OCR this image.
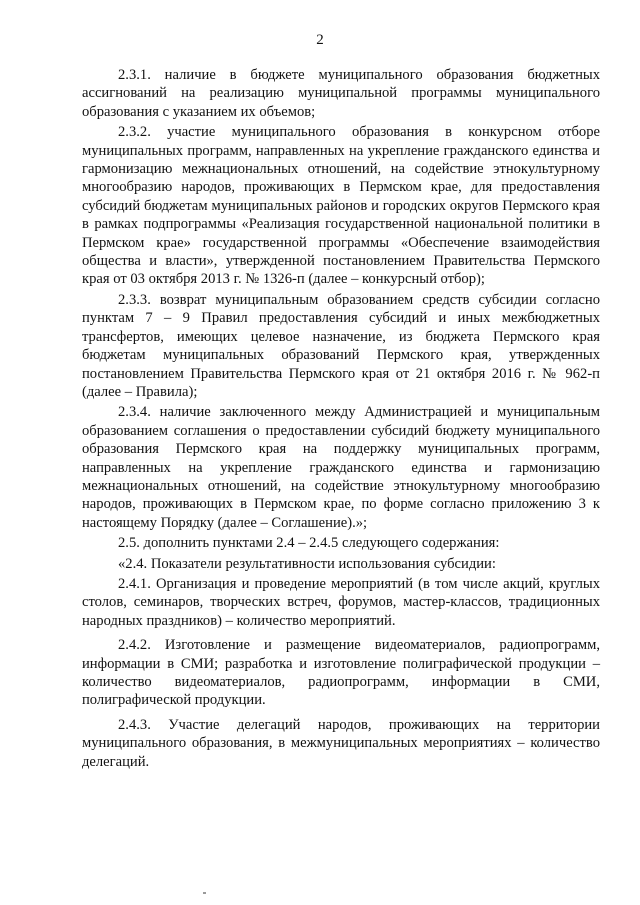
2

2.3.1. наличие в бюджете муниципального образования бюджетных ассигнований на реализацию муниципальной программы муниципального образования с указанием их объемов;

2.3.2. участие муниципального образования в конкурсном отборе муниципальных программ, направленных на укрепление гражданского единства и гармонизацию межнациональных отношений, на содействие этнокультурному многообразию народов, проживающих в Пермском крае, для предоставления субсидий бюджетам муниципальных районов и городских округов Пермского края в рамках подпрограммы «Реализация государственной национальной политики в Пермском крае» государственной программы «Обеспечение взаимодействия общества и власти», утвержденной постановлением Правительства Пермского края от 03 октября 2013 г. № 1326-п (далее – конкурсный отбор);

2.3.3. возврат муниципальным образованием средств субсидии согласно пунктам 7 – 9 Правил предоставления субсидий и иных межбюджетных трансфертов, имеющих целевое назначение, из бюджета Пермского края бюджетам муниципальных образований Пермского края, утвержденных постановлением Правительства Пермского края от 21 октября 2016 г. № 962-п (далее – Правила);

2.3.4. наличие заключенного между Администрацией и муниципальным образованием соглашения о предоставлении субсидий бюджету муниципального образования Пермского края на поддержку муниципальных программ, направленных на укрепление гражданского единства и гармонизацию межнациональных отношений, на содействие этнокультурному многообразию народов, проживающих в Пермском крае, по форме согласно приложению 3 к настоящему Порядку (далее – Соглашение).»;

2.5. дополнить пунктами 2.4 – 2.4.5 следующего содержания:

«2.4. Показатели результативности использования субсидии:

2.4.1. Организация и проведение мероприятий (в том числе акций, круглых столов, семинаров, творческих встреч, форумов, мастер-классов, традиционных народных праздников) – количество мероприятий.

2.4.2. Изготовление и размещение видеоматериалов, радиопрограмм, информации в СМИ; разработка и изготовление полиграфической продукции – количество видеоматериалов, радиопрограмм, информации в СМИ, полиграфической продукции.

2.4.3. Участие делегаций народов, проживающих на территории муниципального образования, в межмуниципальных мероприятиях – количество делегаций.
